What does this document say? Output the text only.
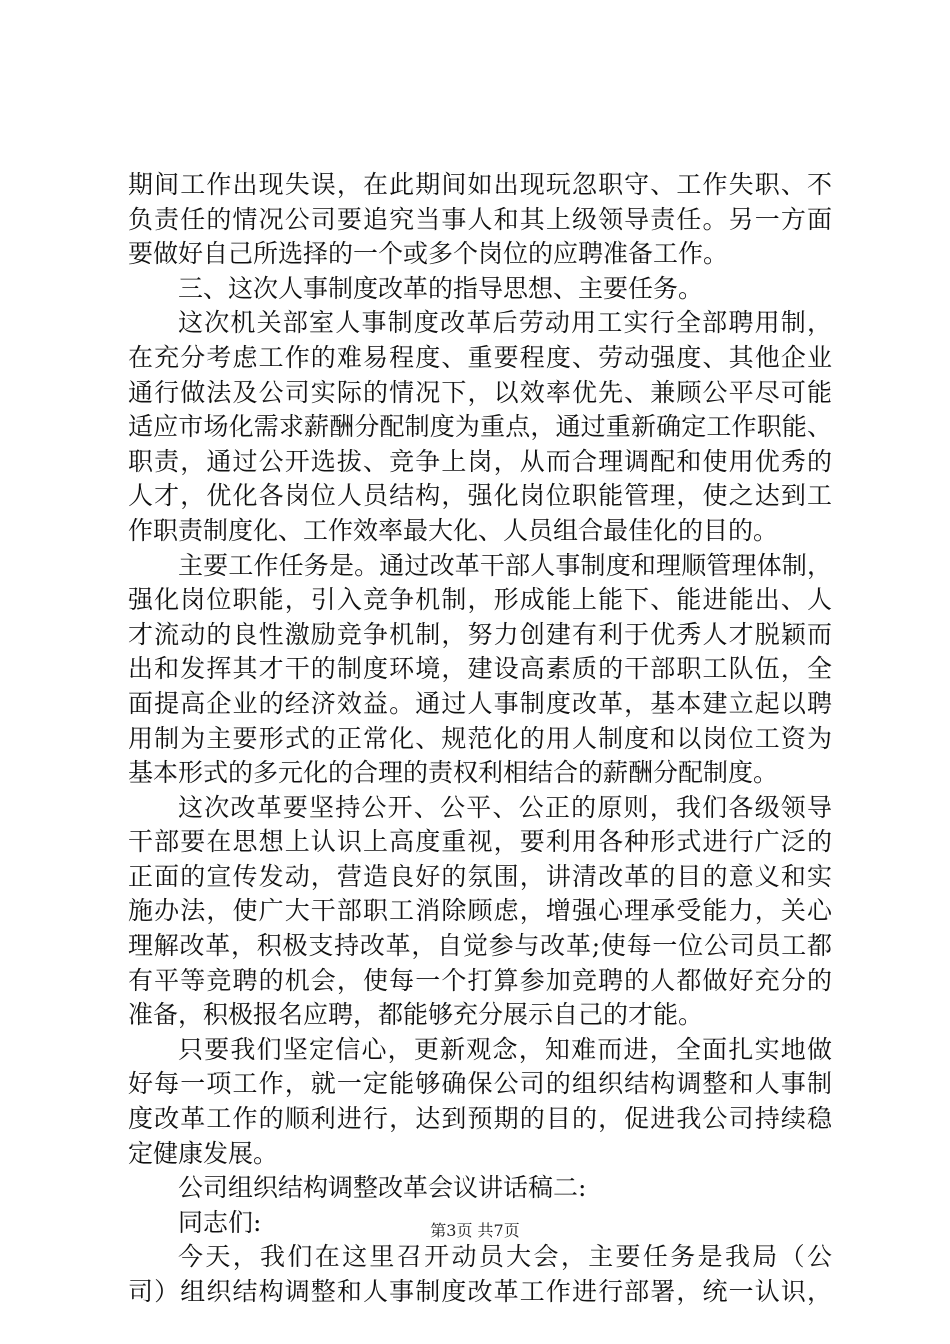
期间工作出现失误，在此期间如出现玩忽职守、工作失职、不
负责任的情况公司要追究当事人和其上级领导责任。另一方面
要做好自己所选择的一个或多个岗位的应聘准备工作。
三、这次人事制度改革的指导思想、主要任务。
这次机关部室人事制度改革后劳动用工实行全部聘用制，
在充分考虑工作的难易程度、重要程度、劳动强度、其他企业
通行做法及公司实际的情况下，以效率优先、兼顾公平尽可能
适应市场化需求薪酬分配制度为重点，通过重新确定工作职能、
职责，通过公开选拔、竞争上岗，从而合理调配和使用优秀的
人才，优化各岗位人员结构，强化岗位职能管理，使之达到工
作职责制度化、工作效率最大化、人员组合最佳化的目的。
主要工作任务是。通过改革干部人事制度和理顺管理体制，
强化岗位职能，引入竞争机制，形成能上能下、能进能出、人
才流动的良性激励竞争机制，努力创建有利于优秀人才脱颖而
出和发挥其才干的制度环境，建设高素质的干部职工队伍，全
面提高企业的经济效益。通过人事制度改革，基本建立起以聘
用制为主要形式的正常化、规范化的用人制度和以岗位工资为
基本形式的多元化的合理的责权利相结合的薪酬分配制度。
这次改革要坚持公开、公平、公正的原则，我们各级领导
干部要在思想上认识上高度重视，要利用各种形式进行广泛的
正面的宣传发动，营造良好的氛围，讲清改革的目的意义和实
施办法，使广大干部职工消除顾虑，增强心理承受能力，关心
理解改革，积极支持改革，自觉参与改革;使每一位公司员工都
有平等竞聘的机会，使每一个打算参加竞聘的人都做好充分的
准备，积极报名应聘，都能够充分展示自己的才能。
只要我们坚定信心，更新观念，知难而进，全面扎实地做
好每一项工作，就一定能够确保公司的组织结构调整和人事制
度改革工作的顺利进行，达到预期的目的，促进我公司持续稳
定健康发展。
公司组织结构调整改革会议讲话稿二:
同志们:
今天，我们在这里召开动员大会，主要任务是我局（公
司）组织结构调整和人事制度改革工作进行部署，统一认识，
第3页 共7页
